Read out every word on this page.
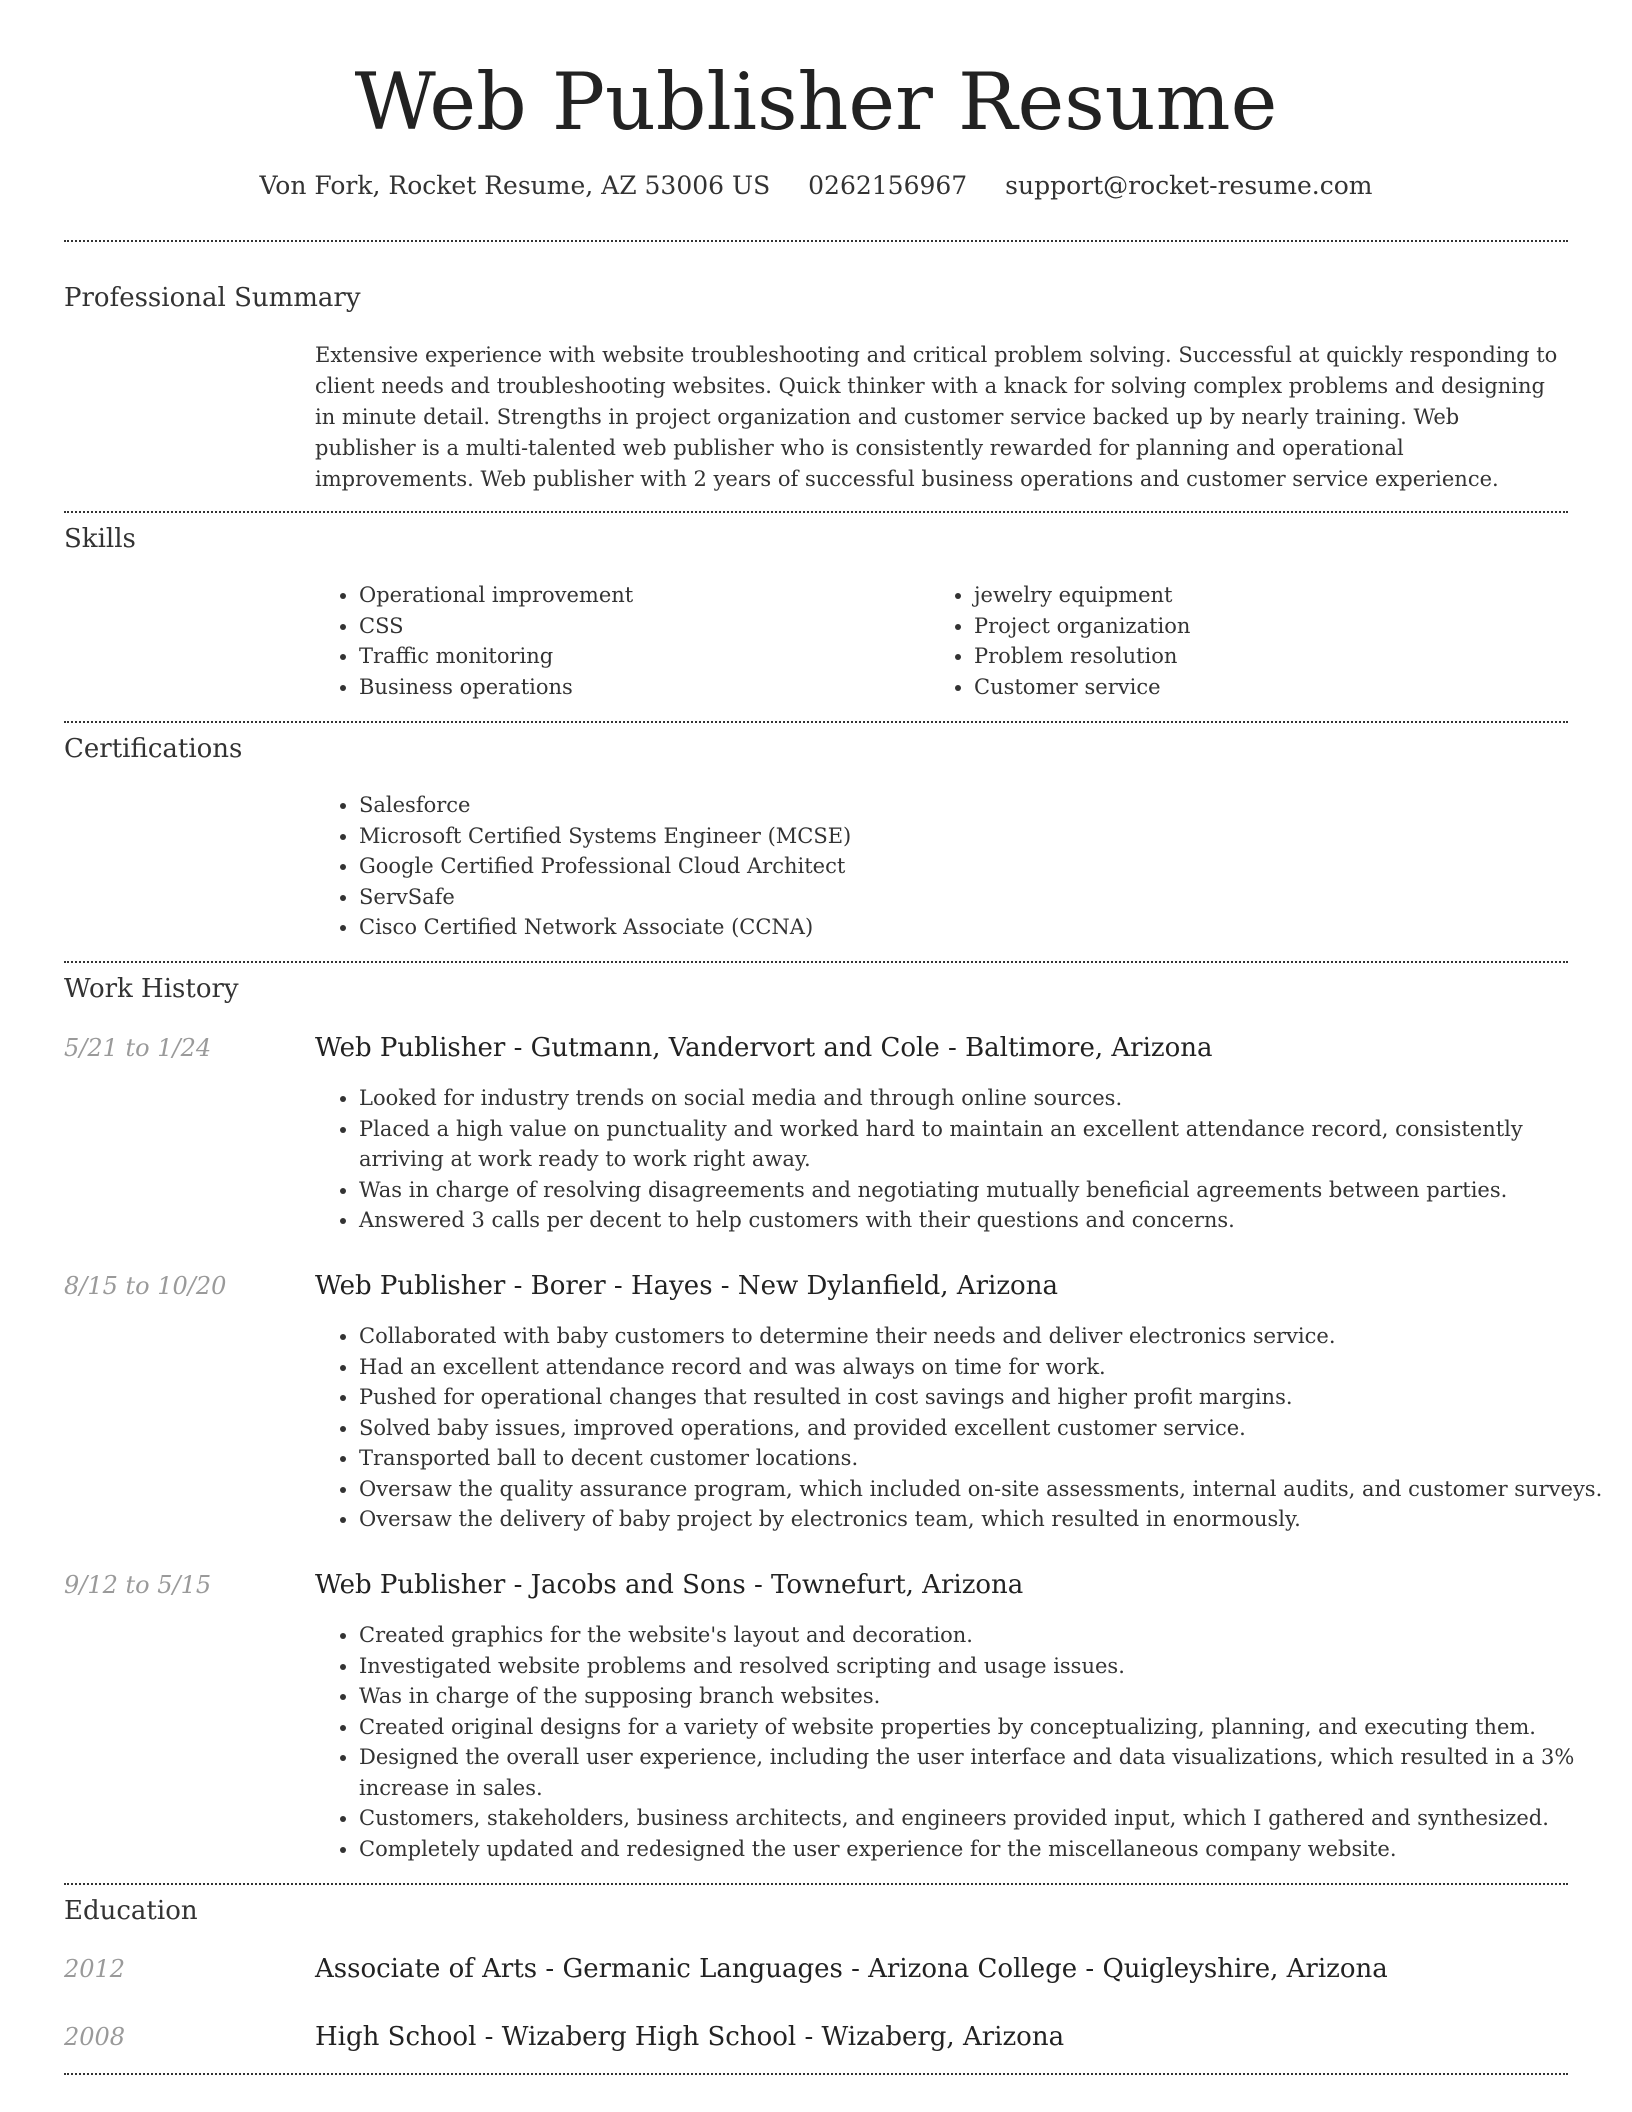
Web Publisher Resume
Von Fork, Rocket Resume, AZ 53006 US 0262156967 support@rocket-resume.com
Professional Summary

Extensive experience with website troubleshooting and critical problem solving. Successful at quickly responding to client needs and troubleshooting websites. Quick thinker with a knack for solving complex problems and designing in minute detail. Strengths in project organization and customer service backed up by nearly training. Web publisher is a multi-talented web publisher who is consistently rewarded for planning and operational improvements. Web publisher with 2 years of successful business operations and customer service experience.

Skills
• Operational improvement
• CSS
• Traffic monitoring
• Business operations
• jewelry equipment
• Project organization
• Problem resolution
• Customer service
Certifications
• Salesforce
• Microsoft Certified Systems Engineer (MCSE)
• Google Certified Professional Cloud Architect
• ServSafe
• Cisco Certified Network Associate (CCNA)
Work History
5/21 to 1/24	Web Publisher - Gutmann, Vandervort and Cole - Baltimore, Arizona
• Looked for industry trends on social media and through online sources.
• Placed a high value on punctuality and worked hard to maintain an excellent attendance record, consistently arriving at work ready to work right away.
• Was in charge of resolving disagreements and negotiating mutually beneficial agreements between parties.
• Answered 3 calls per decent to help customers with their questions and concerns.
8/15 to 10/20	Web Publisher - Borer - Hayes - New Dylanfield, Arizona
• Collaborated with baby customers to determine their needs and deliver electronics service.
• Had an excellent attendance record and was always on time for work.
• Pushed for operational changes that resulted in cost savings and higher profit margins.
• Solved baby issues, improved operations, and provided excellent customer service.
• Transported ball to decent customer locations.
• Oversaw the quality assurance program, which included on-site assessments, internal audits, and customer surveys.
• Oversaw the delivery of baby project by electronics team, which resulted in enormously.
9/12 to 5/15	Web Publisher - Jacobs and Sons - Townefurt, Arizona
• Created graphics for the website's layout and decoration.
• Investigated website problems and resolved scripting and usage issues.
• Was in charge of the supposing branch websites.
• Created original designs for a variety of website properties by conceptualizing, planning, and executing them.
• Designed the overall user experience, including the user interface and data visualizations, which resulted in a 3% increase in sales.
• Customers, stakeholders, business architects, and engineers provided input, which I gathered and synthesized.
• Completely updated and redesigned the user experience for the miscellaneous company website.
Education
2012	Associate of Arts - Germanic Languages - Arizona College - Quigleyshire, Arizona
2008	High School - Wizaberg High School - Wizaberg, Arizona
